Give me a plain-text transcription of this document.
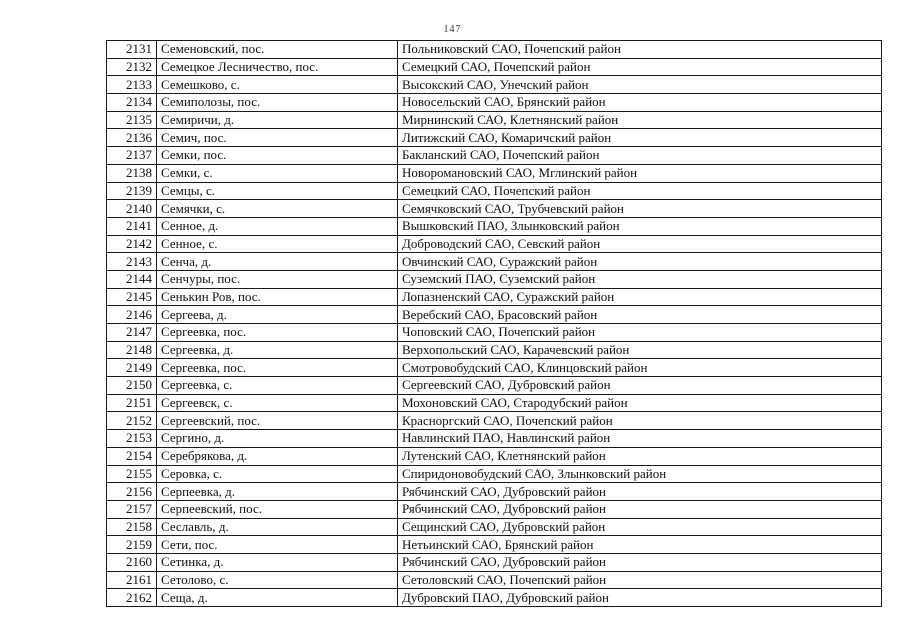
147
2131	Семеновский, пос.	Польниковский САО, Почепский район
2132	Семецкое Лесничество, пос.	Семецкий САО, Почепский район
2133	Семешково, с.	Высокский САО, Унечский район
2134	Семиполозы, пос.	Новосельский САО, Брянский район
2135	Семиричи, д.	Мирнинский САО, Клетнянский район
2136	Семич, пос.	Литижский САО, Комаричский район
2137	Семки, пос.	Бакланский САО, Почепский район
2138	Семки, с.	Новоромановский САО, Мглинский район
2139	Семцы, с.	Семецкий САО, Почепский район
2140	Семячки, с.	Семячковский САО, Трубчевский район
2141	Сенное, д.	Вышковский ПАО, Злынковский район
2142	Сенное, с.	Доброводский САО, Севский район
2143	Сенча, д.	Овчинский САО, Суражский район
2144	Сенчуры, пос.	Суземский ПАО, Суземский район
2145	Сенькин Ров, пос.	Лопазненский САО, Суражский район
2146	Сергеева, д.	Веребский САО, Брасовский район
2147	Сергеевка, пос.	Чоповский САО, Почепский район
2148	Сергеевка, д.	Верхопольский САО, Карачевский район
2149	Сергеевка, пос.	Смотровобудский САО, Клинцовский район
2150	Сергеевка, с.	Сергеевский САО, Дубровский район
2151	Сергеевск, с.	Мохоновский САО, Стародубский район
2152	Сергеевский, пос.	Красноргский САО, Почепский район
2153	Сергино, д.	Навлинский ПАО, Навлинский район
2154	Серебрякова, д.	Лутенский САО, Клетнянский район
2155	Серовка, с.	Спиридоновобудский САО, Злынковский район
2156	Серпеевка, д.	Рябчинский САО, Дубровский район
2157	Серпеевский, пос.	Рябчинский САО, Дубровский район
2158	Сеславль, д.	Сещинский САО, Дубровский район
2159	Сети, пос.	Нетьинский САО, Брянский район
2160	Сетинка, д.	Рябчинский САО, Дубровский район
2161	Сетолово, с.	Сетоловский САО, Почепский район
2162	Сеща, д.	Дубровский ПАО, Дубровский район
